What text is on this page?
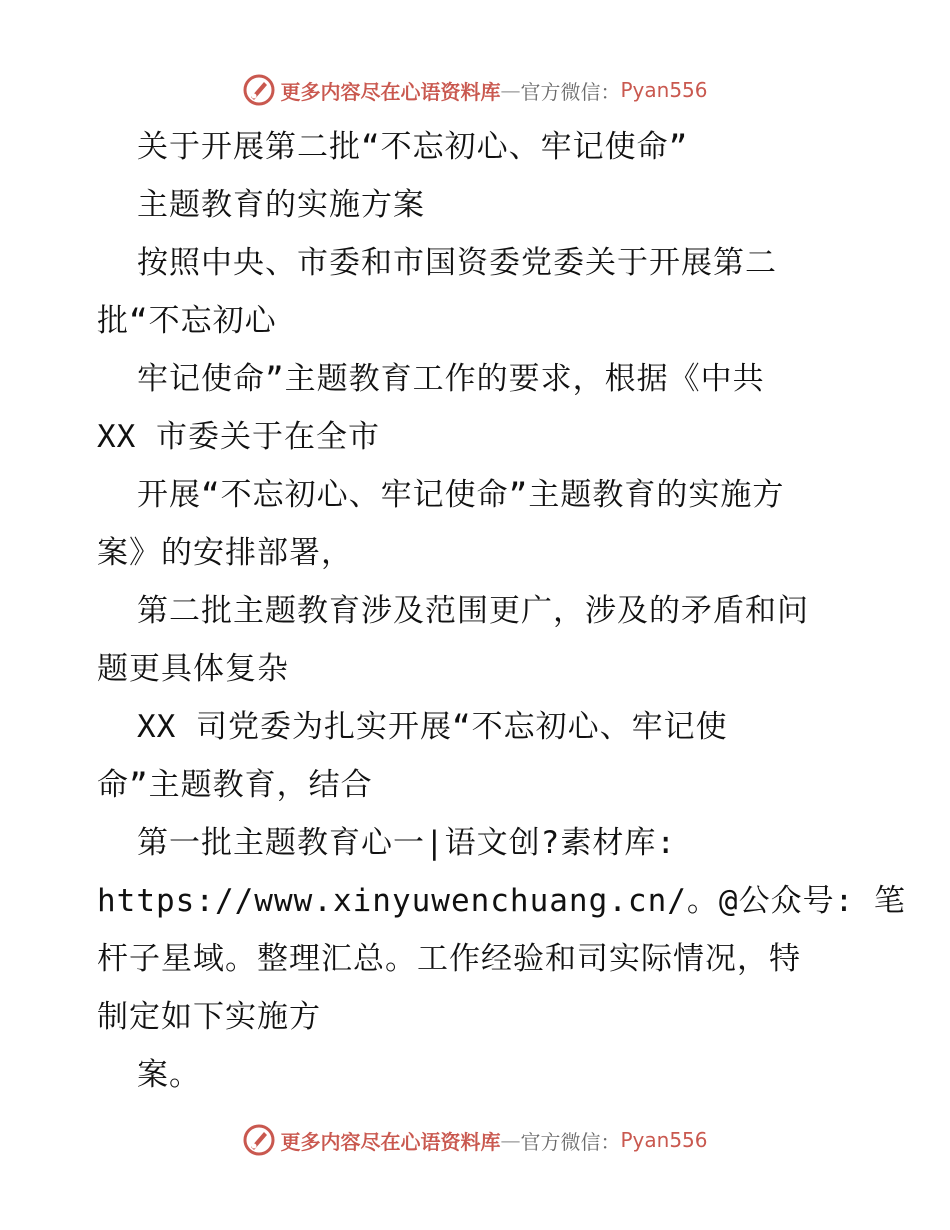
更多内容尽在心语资料库 — 官方微信： Pyan556
关于开展第二批“不忘初心、牢记使命”
主题教育的实施方案
按照中央、市委和市国资委党委关于开展第二
批“不忘初心
牢记使命”主题教育工作的要求，根据《中共
XX 市委关于在全市
开展“不忘初心、牢记使命”主题教育的实施方
案》的安排部署，
第二批主题教育涉及范围更广，涉及的矛盾和问
题更具体复杂
XX 司党委为扎实开展“不忘初心、牢记使
命”主题教育，结合
第一批主题教育心一|语文创?素材库:
https://www.xinyuwenchuang.cn/。@公众号: 笔
杆子星域。整理汇总。工作经验和司实际情况，特
制定如下实施方
案。
更多内容尽在心语资料库 — 官方微信： Pyan556
